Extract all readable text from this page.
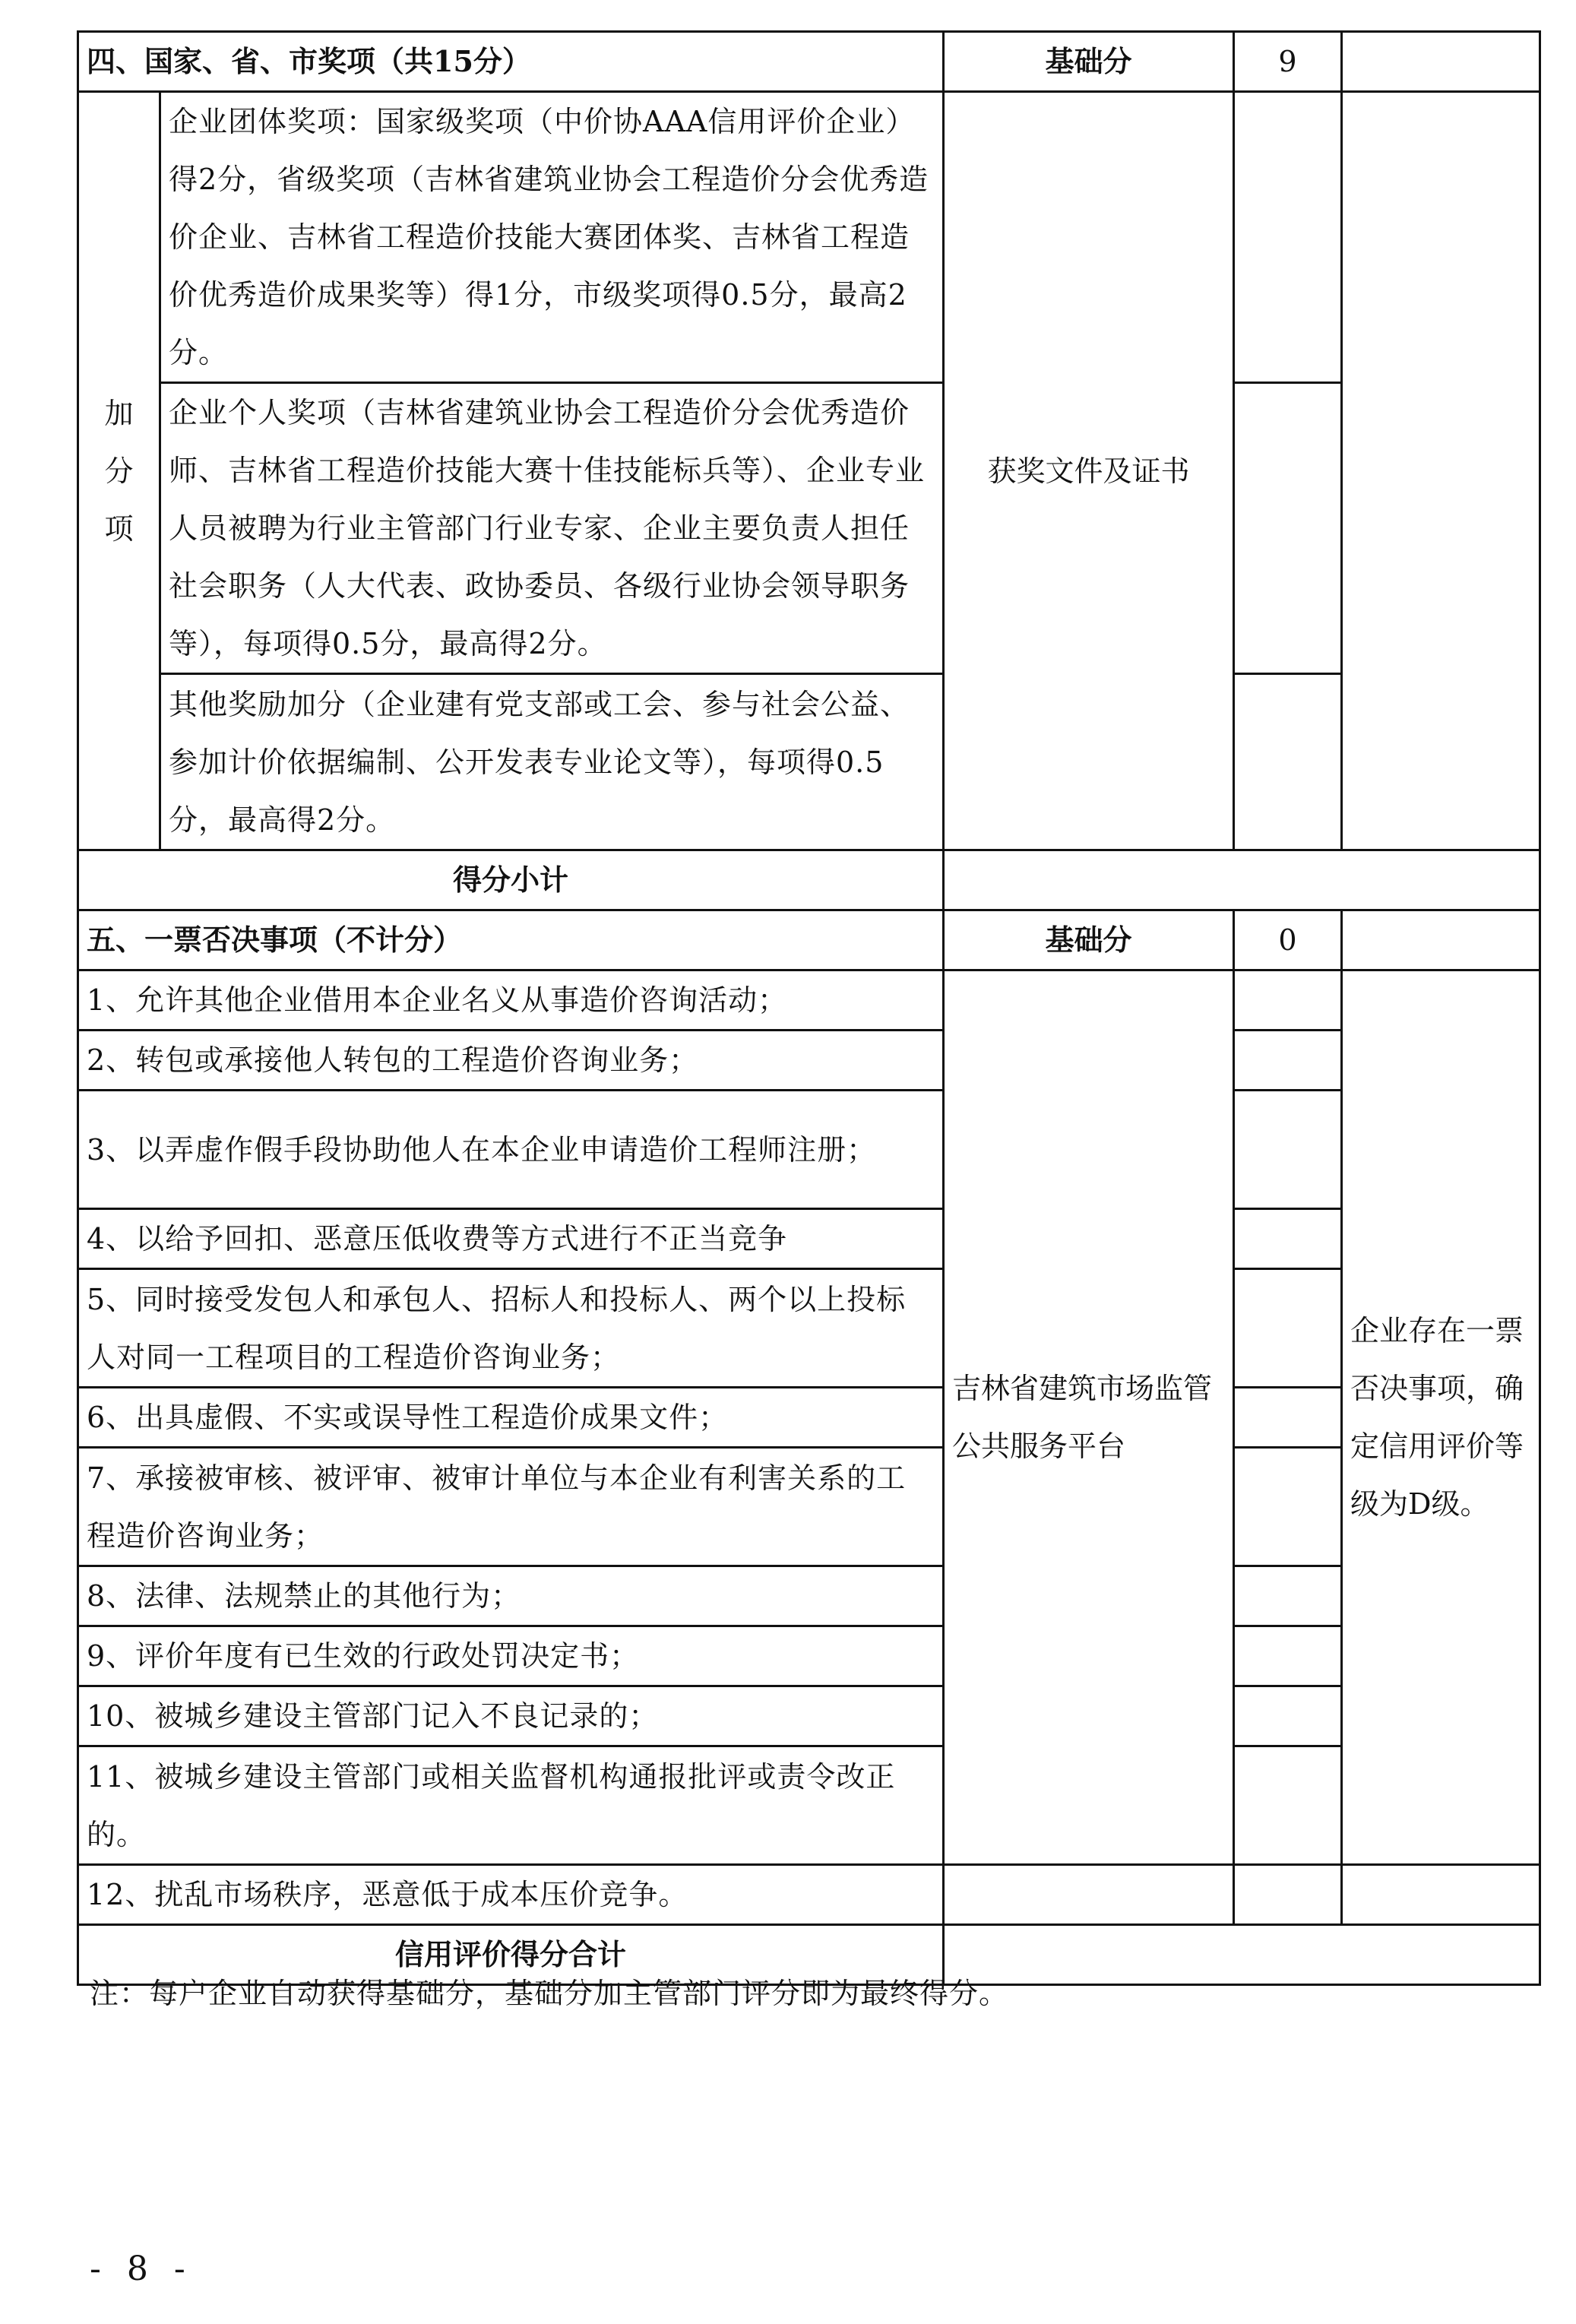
四、国家、省、市奖项（共15分）		基础分	9	

加
分
项	企业团体奖项：国家级奖项（中价协AAA信用评价企业）得2分，省级奖项（吉林省建筑业协会工程造价分会优秀造价企业、吉林省工程造价技能大赛团体奖、吉林省工程造价优秀造价成果奖等）得1分，市级奖项得0.5分，最高2分。	获奖文件及证书		
	企业个人奖项（吉林省建筑业协会工程造价分会优秀造价师、吉林省工程造价技能大赛十佳技能标兵等）、企业专业人员被聘为行业主管部门行业专家、企业主要负责人担任社会职务（人大代表、政协委员、各级行业协会领导职务等），每项得0.5分，最高得2分。			
	其他奖励加分（企业建有党支部或工会、参与社会公益、参加计价依据编制、公开发表专业论文等），每项得0.5分，最高得2分。			
得分小计				
五、一票否决事项（不计分）		基础分	0	
1、允许其他企业借用本企业名义从事造价咨询活动；		吉林省建筑市场监管公共服务平台		企业存在一票否决事项，确定信用评价等级为D级。
2、转包或承接他人转包的工程造价咨询业务；				
3、以弄虚作假手段协助他人在本企业申请造价工程师注册；				
4、以给予回扣、恶意压低收费等方式进行不正当竞争				
5、同时接受发包人和承包人、招标人和投标人、两个以上投标人对同一工程项目的工程造价咨询业务；				
6、出具虚假、不实或误导性工程造价成果文件；				
7、承接被审核、被评审、被审计单位与本企业有利害关系的工程造价咨询业务；				
8、法律、法规禁止的其他行为；				
9、评价年度有已生效的行政处罚决定书；				
10、被城乡建设主管部门记入不良记录的；				
11、被城乡建设主管部门或相关监督机构通报批评或责令改正的。				
12、扰乱市场秩序，恶意低于成本压价竞争。				
信用评价得分合计				
注：每户企业自动获得基础分，基础分加主管部门评分即为最终得分。
- 8 -
